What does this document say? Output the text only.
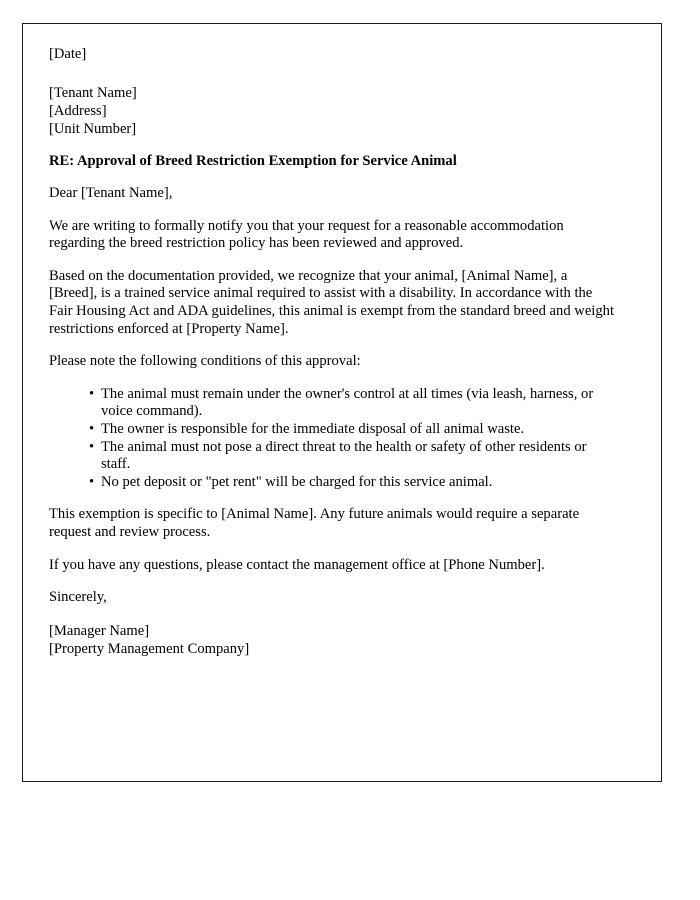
[Date]
[Tenant Name]
[Address]
[Unit Number]
RE: Approval of Breed Restriction Exemption for Service Animal
Dear [Tenant Name],
We are writing to formally notify you that your request for a reasonable accommodation regarding the breed restriction policy has been reviewed and approved.
Based on the documentation provided, we recognize that your animal, [Animal Name], a [Breed], is a trained service animal required to assist with a disability. In accordance with the Fair Housing Act and ADA guidelines, this animal is exempt from the standard breed and weight restrictions enforced at [Property Name].
Please note the following conditions of this approval:
• The animal must remain under the owner's control at all times (via leash, harness, or voice command).
• The owner is responsible for the immediate disposal of all animal waste.
• The animal must not pose a direct threat to the health or safety of other residents or staff.
• No pet deposit or "pet rent" will be charged for this service animal.
This exemption is specific to [Animal Name]. Any future animals would require a separate request and review process.
If you have any questions, please contact the management office at [Phone Number].
Sincerely,
[Manager Name]
[Property Management Company]
